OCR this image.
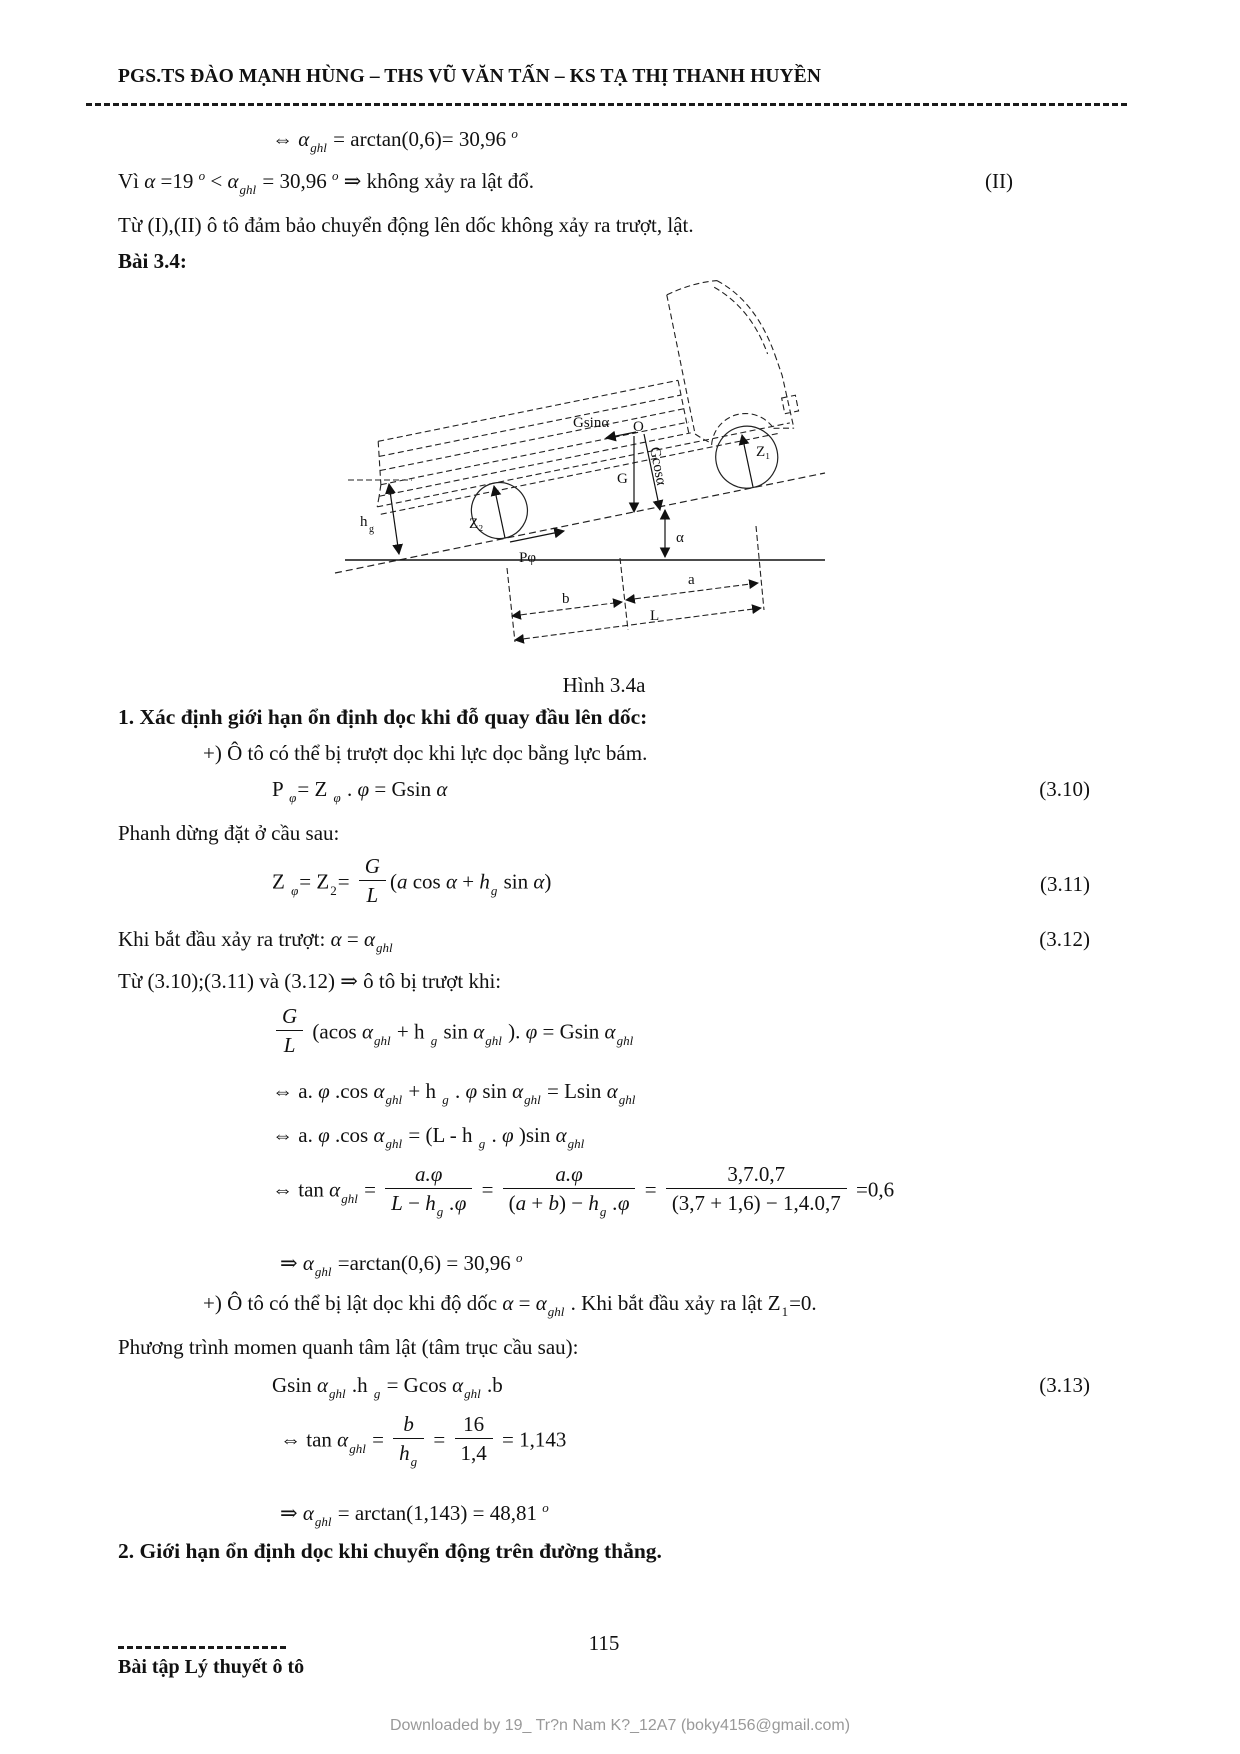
PGS.TS ĐÀO MẠNH HÙNG – THS VŨ VĂN TẤN – KS TẠ THỊ THANH HUYỀN
⇔ $\alpha_{ghl} = \arctan(0,6)= 30,96$ $^o$
Vì α =19 $^o < \alpha_{ghl} = 30,96$ $^o$ ⇒ không xảy ra lật đổ.	(II)
Từ (I),(II) ô tô đảm bảo chuyển động lên dốc không xảy ra trượt, lật.
Bài 3.4:
Gsinα O
Gcosα
G
Z₁
Z₂
Pφ
α
h g
a
b
L
Hình 3.4a
1. Xác định giới hạn ổn định dọc khi đỗ quay đầu lên dốc:
+) Ô tô có thể bị trượt dọc khi lực dọc bằng lực bám.
P $_\varphi$= Z $_\varphi$ . φ = Gsin α	(3.10)
Phanh dừng đặt ở cầu sau:
Z $_\varphi= Z_2= \frac{G}{L} (a$ $\cos \alpha + h_g$ sin α)	(3.11)
Khi bắt đầu xảy ra trượt: $\alpha = \alpha_{ghl}$	(3.12)
Từ (3.10);(3.11) và (3.12) ⇒ ô tô bị trượt khi:
$\frac{G}{L} (acos$ $\alpha_{ghl} + h$ $_g$ $\sin \alpha_{ghl}$ ). φ = Gsin $\alpha_{ghl}$
⇔ a. φ .cos $\alpha_{ghl} + h$ $_g$ . φ $\sin \alpha_{ghl} = Lsin$ $\alpha_{ghl}$
⇔ a. φ .cos $\alpha_{ghl} = (L - h$ $_g$ . φ )sin $\alpha_{ghl}$
⇔ $\tan \alpha_{ghl} = \frac{a.\varphi}{L - h_g .\varphi} = \frac{a.\varphi}{(a + b) - h_g .\varphi} = \frac{3,7.0,7}{(3,7 + 1,6) - 1,4.0,7} =0,6$
⇒ $\alpha_{ghl} =\arctan(0,6) = 30,96$ $^o$
+) Ô tô có thể bị lật dọc khi độ dốc $\alpha = \alpha_{ghl}$ . Khi bắt đầu xảy ra lật $Z_1=0$.
Phương trình momen quanh tâm lật (tâm trục cầu sau):
Gsin $\alpha_{ghl}$ .h $_g$ = Gcos $\alpha_{ghl}$ .b	(3.13)
⇔ $\tan \alpha_{ghl} = \frac{b}{h_g} = \frac{16}{1,4} = 1,143$
⇒ $\alpha_{ghl} = \arctan(1,143) = 48,81$ $^o$
2. Giới hạn ổn định dọc khi chuyển động trên đường thẳng.
115
Bài tập Lý thuyết ô tô
Downloaded by 19_ Tr?n Nam K?_12A7 (boky4156@gmail.com)
